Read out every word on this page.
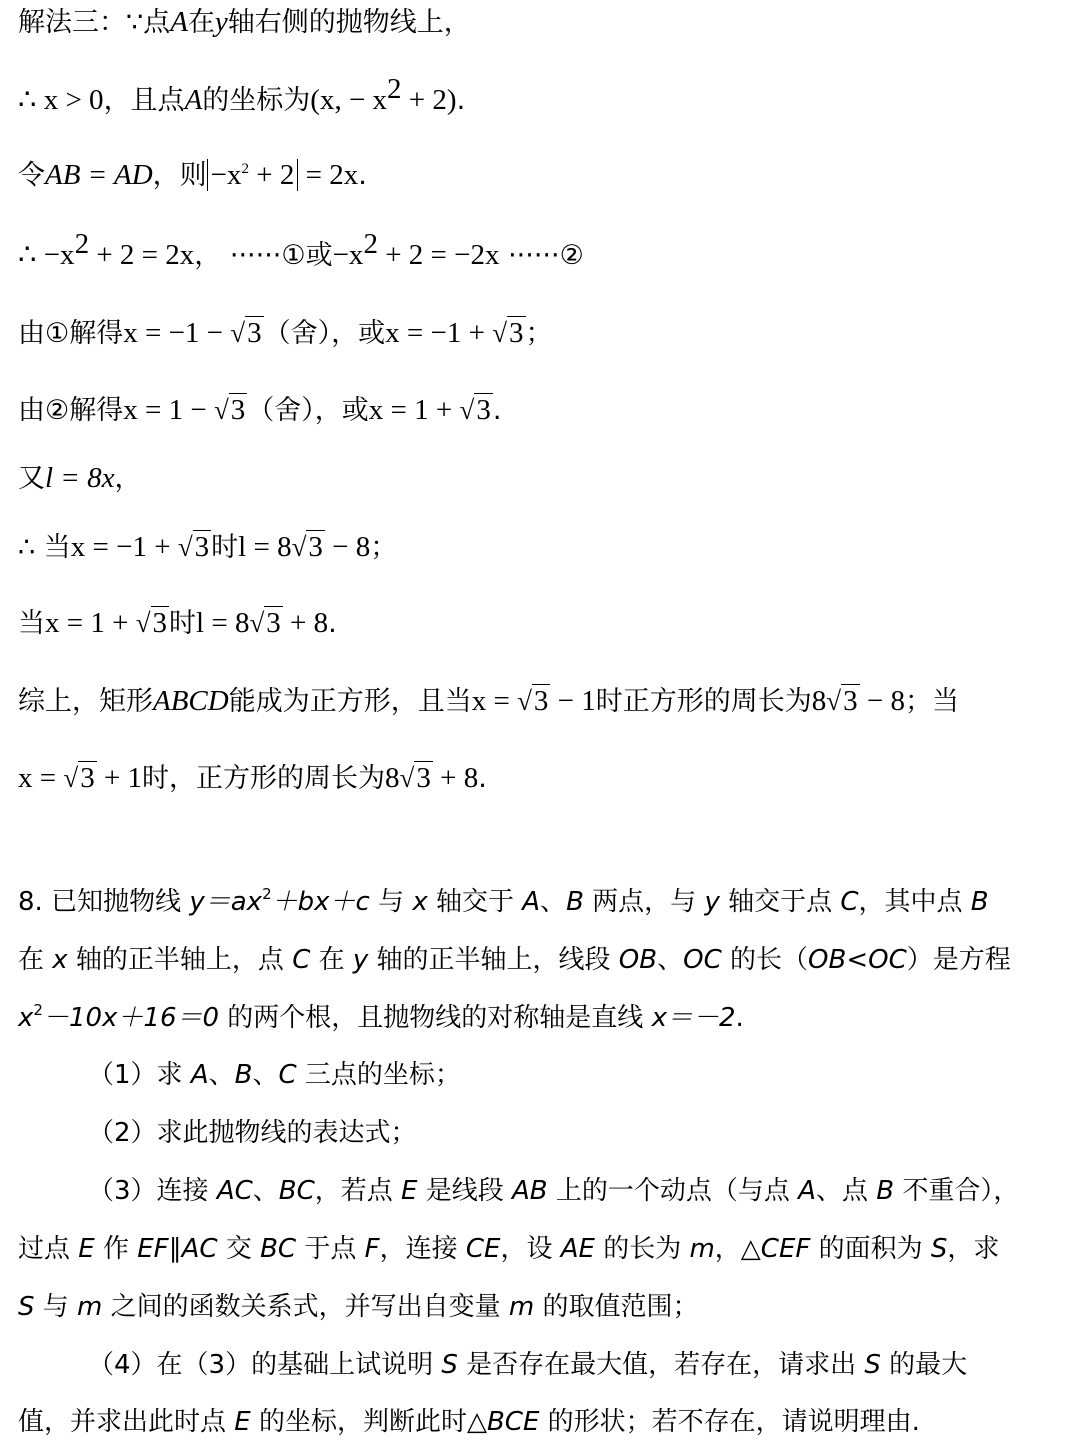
解法三：∵点A在y轴右侧的抛物线上，
∴ x > 0，且点A的坐标为(x, − $x^2 + 2$).
令AB = AD，则 $-x^2 + 2 = 2x$.
∴ $-x^2 + 2 = 2x$， ······①或$-x^2 + 2 = -2x$ ······②
由①解得x = −1 − √3（舍），或x = −1 + √3；
由②解得x = 1 − √3（舍），或x = 1 + √3.
又l = 8x，
∴ 当x = −1 + √3时l = 8√3 − 8；
当x = 1 + √3时l = 8√3 + 8.
综上，矩形ABCD能成为正方形，且当x = √3 − 1时正方形的周长为8√3 − 8；当
x = √3 + 1时，正方形的周长为8√3 + 8.
8. 已知抛物线 $y=ax^2+bx+c$ 与 x 轴交于 A、B 两点，与 y 轴交于点 C，其中点 B
在 x 轴的正半轴上，点 C 在 y 轴的正半轴上，线段 OB、OC 的长（OB<OC）是方程
$x^2-10x+16=0$ 的两个根，且抛物线的对称轴是直线 x＝－2.
（1）求 A、B、C 三点的坐标；
（2）求此抛物线的表达式；
（3）连接 AC、BC，若点 E 是线段 AB 上的一个动点（与点 A、点 B 不重合），
过点 E 作 EF∥AC 交 BC 于点 F，连接 CE，设 AE 的长为 m，△CEF 的面积为 S，求
S 与 m 之间的函数关系式，并写出自变量 m 的取值范围；
（4）在（3）的基础上试说明 S 是否存在最大值，若存在，请求出 S 的最大
值，并求出此时点 E 的坐标，判断此时△BCE 的形状；若不存在，请说明理由.
